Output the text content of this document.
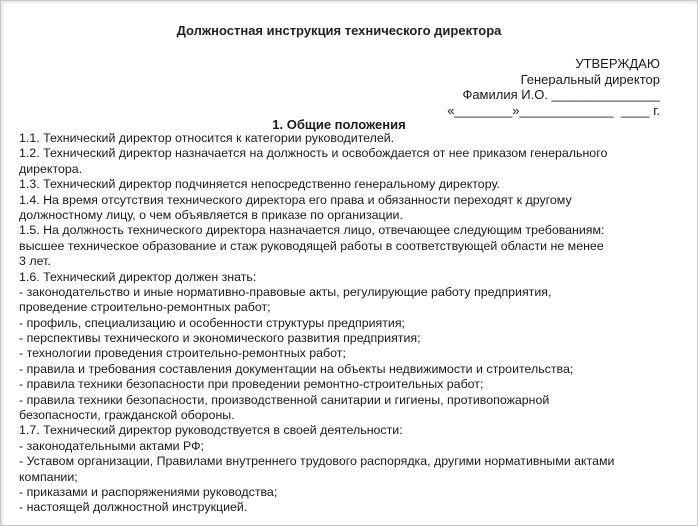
Должностная инструкция технического директора
УТВЕРЖДАЮ
Генеральный директор
Фамилия И.О. _______________
«________»_____________  ____ г.
1. Общие положения
1.1. Технический директор относится к категории руководителей.
1.2. Технический директор назначается на должность и освобождается от нее приказом генерального
директора.
1.3. Технический директор подчиняется непосредственно генеральному директору.
1.4. На время отсутствия технического директора его права и обязанности переходят к другому
должностному лицу, о чем объявляется в приказе по организации.
1.5. На должность технического директора назначается лицо, отвечающее следующим требованиям:
высшее техническое образование и стаж руководящей работы в соответствующей области не менее
3 лет.
1.6. Технический директор должен знать:
- законодательство и иные нормативно-правовые акты, регулирующие работу предприятия,
проведение строительно-ремонтных работ;
- профиль, специализацию и особенности структуры предприятия;
- перспективы технического и экономического развития предприятия;
- технологии проведения строительно-ремонтных работ;
- правила и требования составления документации на объекты недвижимости и строительства;
- правила техники безопасности при проведении ремонтно-строительных работ;
- правила техники безопасности, производственной санитарии и гигиены, противопожарной
безопасности, гражданской обороны.
1.7. Технический директор руководствуется в своей деятельности:
- законодательными актами РФ;
- Уставом организации, Правилами внутреннего трудового распорядка, другими нормативными актами
компании;
- приказами и распоряжениями руководства;
- настоящей должностной инструкцией.
